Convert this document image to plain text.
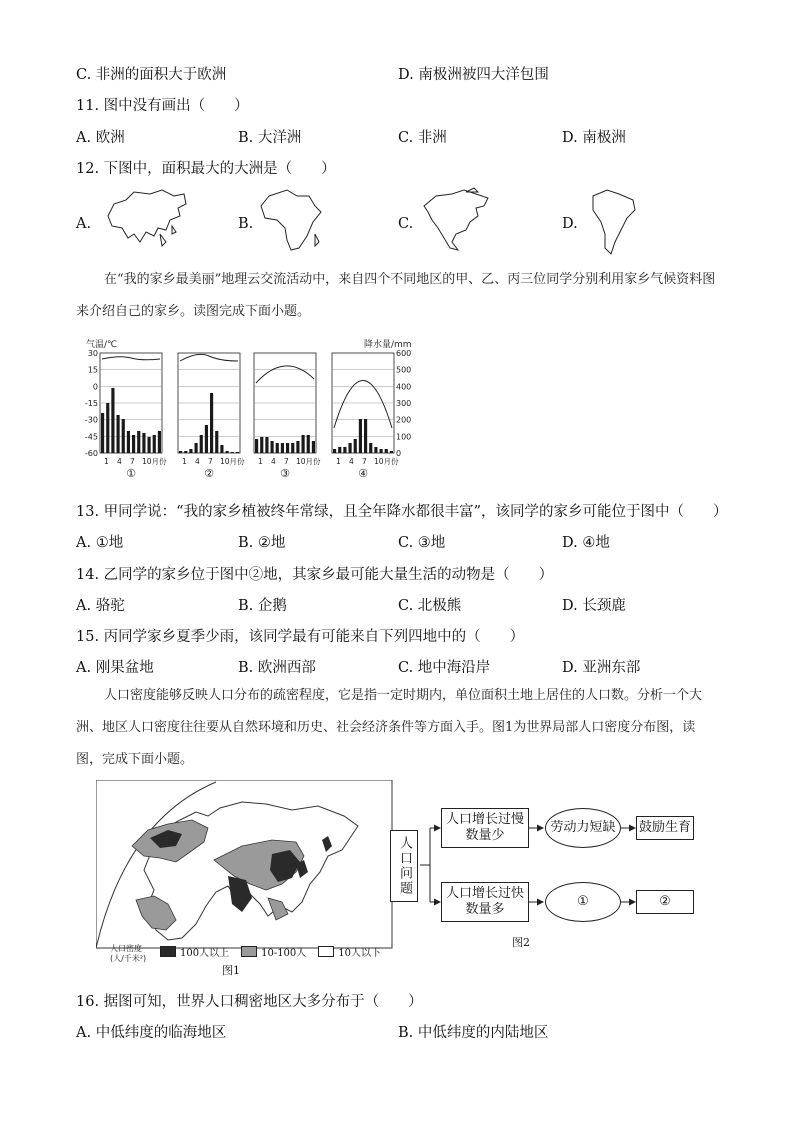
C. 非洲的面积大于欧洲	D. 南极洲被四大洋包围
11. 图中没有画出（　　）
A. 欧洲	B. 大洋洲	C. 非洲	D. 南极洲
12. 下图中，面积最大的大洲是（　　）
A.	B.	C.	D.
在“我的家乡最美丽”地理云交流活动中，来自四个不同地区的甲、乙、丙三位同学分别利用家乡气候资料图来介绍自己的家乡。读图完成下面小题。
气温/℃	降水量/mm
30
15
0
-15
-30
-45
-60
600
500
400
300
200
100
0
1 4 7 10月份
①
1 4 7 10月份
②
1 4 7 10月份
③
1 4 7 10月份
④
13. 甲同学说：“我的家乡植被终年常绿，且全年降水都很丰富”，该同学的家乡可能位于图中（　　）
A. ①地	B. ②地	C. ③地	D. ④地
14. 乙同学的家乡位于图中②地，其家乡最可能大量生活的动物是（　　）
A. 骆驼	B. 企鹅	C. 北极熊	D. 长颈鹿
15. 丙同学家乡夏季少雨，该同学最有可能来自下列四地中的（　　）
A. 刚果盆地	B. 欧洲西部	C. 地中海沿岸	D. 亚洲东部
人口密度能够反映人口分布的疏密程度，它是指一定时期内，单位面积土地上居住的人口数。分析一个大洲、地区人口密度往往要从自然环境和历史、社会经济条件等方面入手。图1为世界局部人口密度分布图，读图，完成下面小题。
人口密度
(人/千米²)	100人以上	10-100人	10人以下
图1
人口问题
人口增长过慢数量少
劳动力短缺	鼓励生育
人口增长过快数量多
①	②
图2
16. 据图可知，世界人口稠密地区大多分布于（　　）
A. 中低纬度的临海地区	B. 中低纬度的内陆地区
